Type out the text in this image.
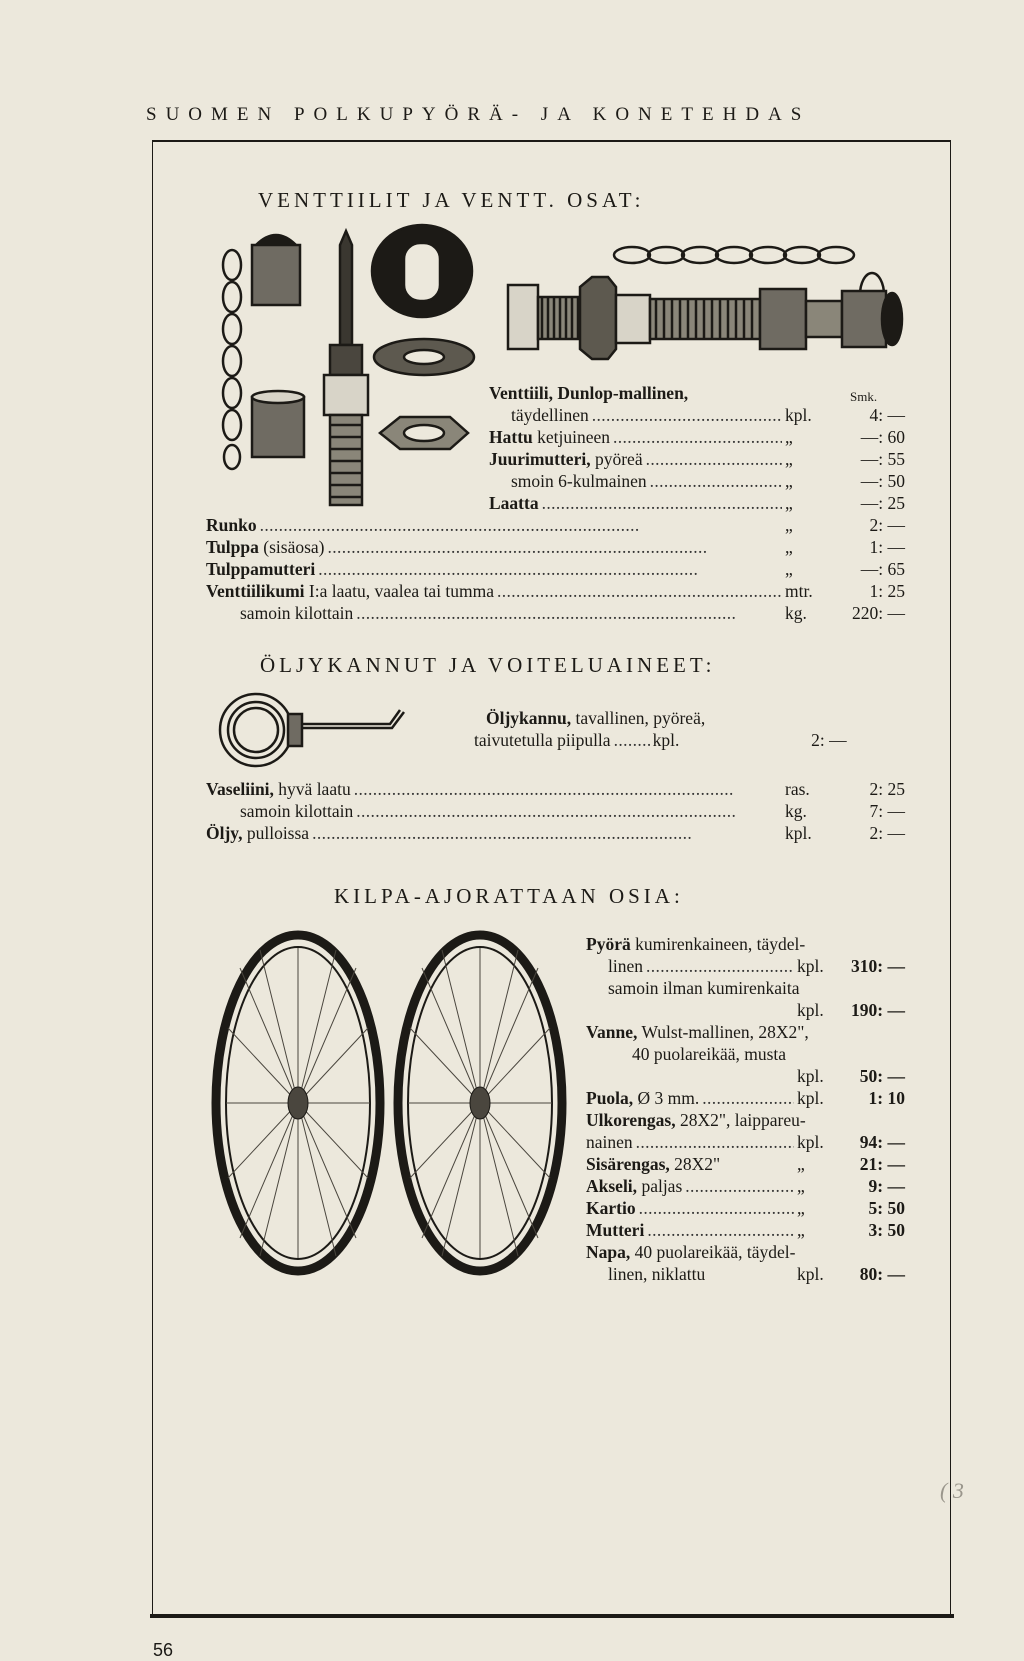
SUOMEN POLKUPYÖRÄ- JA KONETEHDAS
VENTTIILIT JA VENTT. OSAT:
Smk.
Venttiili, Dunlop-mallinen,
täydellinen . . .	kpl.	4: —
Hattu ketjuineen . . .	„	—: 60
Juurimutteri, pyöreä . . .	„	—: 55
smoin 6-kulmainen . . .	„	—: 50
Laatta . . .	„	—: 25
Runko . . .	„	2: —
Tulppa (sisäosa) . . .	„	1: —
Tulppamutteri . . .	„	—: 65
Venttiilikumi I:a laatu, vaalea tai tumma . . .	mtr.	1: 25
samoin kilottain . . .	kg.	220: —
ÖLJYKANNUT JA VOITELUAINEET:
Öljykannu, tavallinen, pyöreä,
taivutetulla piipulla . . . kpl.	2: —
Vaseliini, hyvä laatu . . .	ras.	2: 25
samoin kilottain . . .	kg.	7: —
Öljy, pulloissa . . .	kpl.	2: —
KILPA-AJORATTAAN OSIA:
Pyörä kumirenkaineen, täydel-
linen . . .	kpl.	310: —
samoin ilman kumirenkaita
kpl.	190: —
Vanne, Wulst-mallinen, 28X2",
40 puolareikää, musta
kpl.	50: —
Puola, Ø 3 mm. . . .	kpl.	1: 10
Ulkorengas, 28X2", laippareu-
nainen . . .	kpl.	94: —
Sisärengas, 28X2"	„	21: —
Akseli, paljas . . .	„	9: —
Kartio . . .	„	5: 50
Mutteri . . .	„	3: 50
Napa, 40 puolareikää, täydel-
linen, niklattu	kpl.	80: —
56
( 3
